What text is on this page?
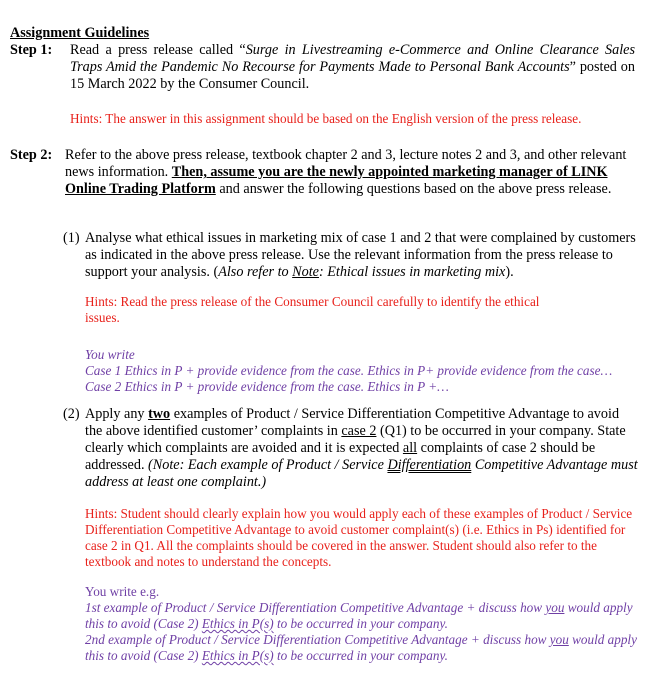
Assignment Guidelines
Step 1: Read a press release called “Surge in Livestreaming e-Commerce and Online Clearance Sales Traps Amid the Pandemic No Recourse for Payments Made to Personal Bank Accounts” posted on 15 March 2022 by the Consumer Council.

Hints: The answer in this assignment should be based on the English version of the press release.

Step 2: Refer to the above press release, textbook chapter 2 and 3, lecture notes 2 and 3, and other relevant news information. Then, assume you are the newly appointed marketing manager of LINK Online Trading Platform and answer the following questions based on the above press release.

(1) Analyse what ethical issues in marketing mix of case 1 and 2 that were complained by customers as indicated in the above press release. Use the relevant information from the press release to support your analysis. (Also refer to Note: Ethical issues in marketing mix).

Hints: Read the press release of the Consumer Council carefully to identify the ethical issues.

You write

Case 1 Ethics in P + provide evidence from the case. Ethics in P+ provide evidence from the case…

Case 2 Ethics in P + provide evidence from the case. Ethics in P +…

(2) Apply any two examples of Product / Service Differentiation Competitive Advantage to avoid the above identified customer’ complaints in case 2 (Q1) to be occurred in your company. State clearly which complaints are avoided and it is expected all complaints of case 2 should be addressed. (Note: Each example of Product / Service Differentiation Competitive Advantage must address at least one complaint.)

Hints: Student should clearly explain how you would apply each of these examples of Product / Service Differentiation Competitive Advantage to avoid customer complaint(s) (i.e. Ethics in Ps) identified for case 2 in Q1. All the complaints should be covered in the answer. Student should also refer to the textbook and notes to understand the concepts.

You write e.g.

1st example of Product / Service Differentiation Competitive Advantage + discuss how you would apply this to avoid (Case 2) Ethics in P(s) to be occurred in your company.

2nd example of Product / Service Differentiation Competitive Advantage + discuss how you would apply this to avoid (Case 2) Ethics in P(s) to be occurred in your company.
